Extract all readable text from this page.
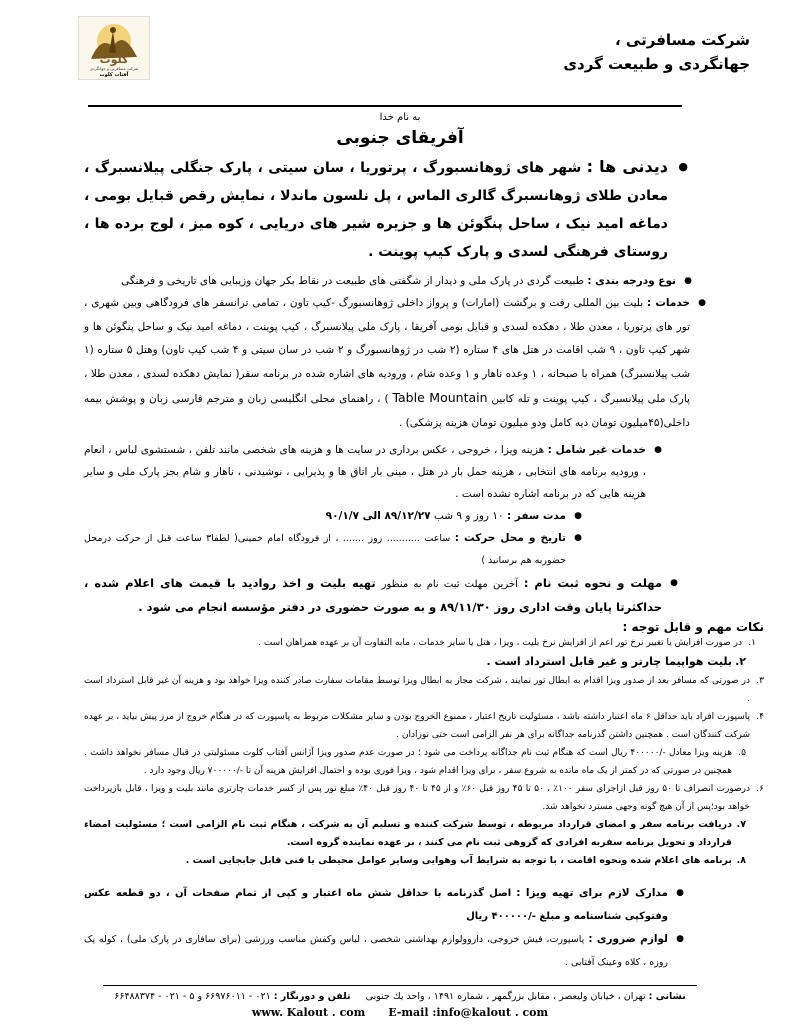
شرکت مسافرتی ،
جهانگردی و طبیعت گردی
کلوت
شرکت مسافرتی و جهانگردی
آفتاب کلوت
به نام خدا
آفریقای جنوبی
● دیدنی ها : شهر های ژوهانسبورگ ، پرتوریا ، سان سیتی ، پارک جنگلی پیلانسبرگ ، معادن طلای ژوهانسبرگ گالری الماس ، پل نلسون ماندلا ، نمایش رقص قبایل بومی ، دماغه امید نیک ، ساحل پنگوئن ها و جزیره شیر های دریایی ، کوه میز ، لوج برده ها ، روستای فرهنگی لسدی و پارک کیپ پوینت .
● نوع ودرجه بندی : طبیعت گردی در پارک ملی و دیدار از شگفتی های طبیعت در نقاط بکر جهان وزیبایی های تاریخی و فرهنگی
● خدمات : بلیت بین المللی رفت و برگشت (امارات) و پرواز داخلی ژوهانسبورگ -کیپ تاون ، تمامی ترانسفر های فرودگاهی وبین شهری ، تور های پرتوریا ، معدن طلا ، دهکده لسدی و قبایل بومی آفریقا ، پارک ملی پیلانسبرگ ، کیپ پوینت ، دماغه امید نیک و ساحل پنگوئن ها و شهر کیپ تاون ، ۹ شب اقامت در هتل های ۴ ستاره (۲ شب در ژوهانسبورگ و ۲ شب در سان سیتی و ۴ شب کیپ تاون) وهتل ۵ ستاره (۱ شب پیلانسبرگ) همراه با صبحانه ، ۱ وعده ناهار و ۱ وعده شام ، ورودیه های اشاره شده در برنامه سفر( نمایش دهکده لسدی ، معدن طلا ، پارک ملی پیلانسبرگ ، کیپ پوینت و تله کابین Table Mountain ) ، راهنمای محلی انگلیسی زبان و مترجم فارسی زبان و پوشش بیمه داخلی(۴۵میلیون تومان دیه کامل ودو میلیون تومان هزینه پزشکی) .
● خدمات غیر شامل : هزینه ویزا ، خروجی ، عکس برداری در سایت ها و هزینه های شخصی مانند تلفن ، شستشوی لباس ، انعام ، ورودیه برنامه های انتخابی ، هزینه حمل بار در هتل ، مینی بار اتاق ها و پذیرایی ، نوشیدنی ، ناهار و شام بجز پارک ملی و سایر هزینه هایی که در برنامه اشاره نشده است .
● مدت سفر : ۱۰ روز و ۹ شب ۸۹/۱۲/۲۷ الی ۹۰/۱/۷
● تاریخ و محل حرکت : ساعت ........... روز ....... ، از فرودگاه امام خمینی( لطفا۳ ساعت قبل از حرکت درمحل حضوربه هم برسانید )
● مهلت و نحوه ثبت نام : آخرین مهلت ثبت نام به منظور تهیه بلیت و اخذ روادید با قیمت های اعلام شده ، حداکثرتا پایان وقت اداری روز ۸۹/۱۱/۳۰ و به صورت حضوری در دفتر مؤسسه انجام می شود .
نکات مهم و قابل توجه :
۱.
در صورت افزایش یا تغییر نرخ تور اعم از افزایش نرخ بلیت ، ویزا ، هتل یا سایر خدمات ، مابه التفاوت آن بر عهده همراهان است .
۲.
بلیت هواپیما چارتر و غیر قابل استرداد است .
۳.
در صورتی که مسافر بعد از صدور ویزا اقدام به ابطال تور نمایند ، شرکت مجاز به ابطال ویزا توسط مقامات سفارت صادر کننده ویزا خواهد بود و هزینه آن غیر قابل استرداد است .
۴.
پاسپورت افراد باید حداقل ۶ ماه اعتبار داشته باشد ، مسئولیت تاریخ اعتبار ، ممنوع الخروج بودن و سایر مشکلات مربوط به پاسپورت که در هنگام خروج از مرز پیش بیاید ، بر عهده شرکت کنندگان است . همچنین داشتن گذرنامه جداگانه برای هر نفر الزامی است حتی نوزادان .
۵.
هزینه ویزا معادل -/۴۰۰۰۰۰ ریال است که هنگام ثبت نام جداگانه پرداخت می شود ؛ در صورت عدم صدور ویزا آژانس آفتاب کلوت مسئولیتی در قبال مسافر نخواهد داشت . همچنین در صورتی که در کمتر از یک ماه مانده به شروع سفر ، برای ویزا اقدام شود ، ویزا فوری بوده و احتمال افزایش هزینه آن تا -/۷۰۰۰۰۰ ریال وجود دارد .
۶.
درصورت انصراف تا ۵۰ روز قبل ازاجرای سفر ۱۰۰٪ ، ۵۰ تا ۴۵ روز قبل ۶۰٪ و از ۴۵ تا ۴۰ روز قبل ۴۰٪ مبلغ تور پس از کسر خدمات چارتری مانند بلیت و ویزا ، قابل بازپرداخت خواهد بود؛پس از آن هیچ گونه وجهی مسترد نخواهد شد.
۷.
دریافت برنامه سفر و امضای قرارداد مربوطه ، توسط شرکت کننده و تسلیم آن به شرکت ، هنگام ثبت نام الزامی است ؛ مسئولیت امضاء قرارداد و تحویل برنامه سفربه افرادی که گروهی ثبت نام می کنند ، بر عهده نماینده گروه است.
۸.
برنامه های اعلام شده ونحوه اقامت ، با توجه به شرایط آب وهوایی وسایر عوامل محیطی یا فنی قابل جابجایی است .
● مدارک لازم برای تهیه ویزا : اصل گذرنامه با حداقل شش ماه اعتبار و کپی از تمام صفحات آن ، دو قطعه عکس وفتوکپی شناسنامه و مبلغ -/۴۰۰۰۰۰ ریال
● لوازم ضروری : پاسپورت، فیش خروجی، داروولوازم بهداشتی شخصی ، لباس وکفش مناسب ورزشی (برای سافاری در پارک ملی) ، کوله پک روزه ، کلاه وعینک آفتابی .
نشانی : تهران ، خیابان ولیعصر ، مقابل بزرگمهر ، شماره ۱۴۹۱ ، واحد یك جنوبی     تلفن و دورنگار : ۰۲۱ - ۶۶۹۷۶۰۱۱ و ۵ - ۰۲۱ - ۶۶۴۸۸۳۷۴
www. Kalout . com E-mail :info@kalout . com
